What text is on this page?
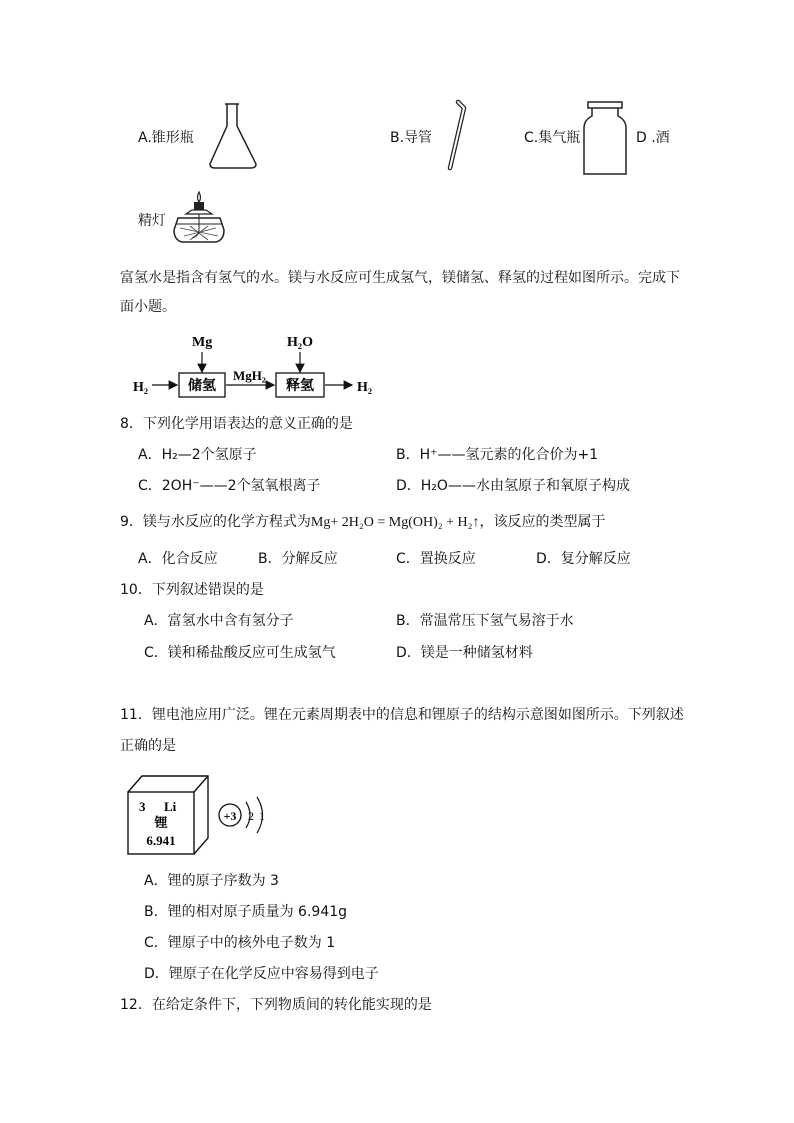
A.锥形瓶	B.导管	C.集气瓶	D .酒
精灯
富氢水是指含有氢气的水。镁与水反应可生成氢气，镁储氢、释氢的过程如图所示。完成下
面小题。
Mg	H₂O
H₂	储氢
MgH₂
释氢	H₂
8．下列化学用语表达的意义正确的是
A．H₂—2个氢原子	B．H⁺——氢元素的化合价为+1
C．2OH⁻——2个氢氧根离子	D．H₂O——水由氢原子和氧原子构成
9．镁与水反应的化学方程式为Mg+ 2H₂O = Mg(OH)₂ + H₂↑，该反应的类型属于
A．化合反应	B．分解反应	C．置换反应	D．复分解反应
10．下列叙述错误的是
A．富氢水中含有氢分子	B．常温常压下氢气易溶于水
C．镁和稀盐酸反应可生成氢气	D．镁是一种储氢材料
11．锂电池应用广泛。锂在元素周期表中的信息和锂原子的结构示意图如图所示。下列叙述
正确的是
3 Li
锂
6.941
+3 2 1
A．锂的原子序数为 3
B．锂的相对原子质量为 6.941g
C．锂原子中的核外电子数为 1
D．锂原子在化学反应中容易得到电子
12．在给定条件下，下列物质间的转化能实现的是
